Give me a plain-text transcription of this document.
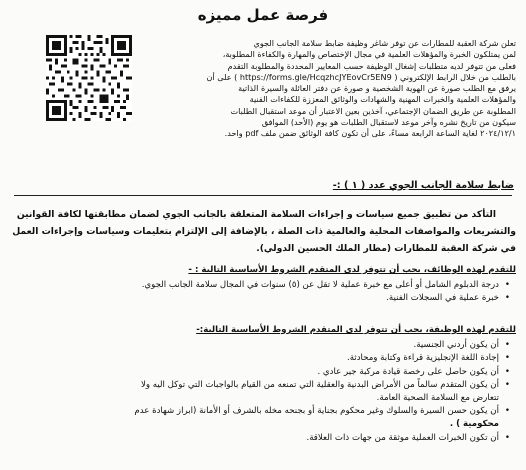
فرصة عمل مميزه

تعلن شركة العقبة للمطارات عن توفر شاغر وظيفة ضابط سلامة الجانب الجوي

لمن يمتلكون الخبرة والمؤهلات العلمية في مجال الإختصاص والمهارة والكفاءة المطلوبة،

فعلى من تتوفر لديه متطلبات إشغال الوظيفة حسب المعايير المحددة والمطلوبة التقدم

بالطلب من خلال الرابط الإلكتروني ( https://forms.gle/HcqzhcJYEovCr5EN9 ) على أن

يرفق مع الطلب صورة عن الهوية الشخصية و صورة عن دفتر العائلة والسيرة الذاتية

والمؤهلات العلمية والخبرات المهنية والشهادات والوثائق المعززة للكفاءات الفنية

المطلوبة عن طريق الضمان الإجتماعي، آخذين بعين الاعتبار أن موعد استقبال الطلبات

سيكون من تاريخ نشره وآخر موعد لاستقبال الطلبات هو يوم (الأحد) الموافق

٢٠٢٤/١٢/١ لغاية الساعة الرابعة مساءً، على أن تكون كافة الوثائق ضمن ملف pdf واحد.

ضابط سلامة الجانب الجوي عدد ( ١ ) :-

التأكد من تطبيق جميع سياسات و إجراءات السلامة المتعلقة بالجانب الجوي لضمان مطابقتها لكافة القوانين

والتشريعات والمواصفات المحلية والعالمية ذات الصلة ، بالإضافة إلى الإلتزام بتعليمات وسياسات وإجراءات العمل

في شركة العقبة للمطارات (مطار الملك الحسين الدولي).

للتقدم لهذه الوظائف، يجب أن تتوفر لدى المتقدم الشروط الأساسية التالية : -

• درجة الدبلوم الشامل أو أعلى مع خبرة عملية لا تقل عن (٥) سنوات في المجال سلامة الجانب الجوي.
• خبرة عملية في السجلات الفنية.

للتقدم لهذه الوظيفة، يجب أن تتوفر لدى المتقدم الشروط الأساسية التالية:-

• أن يكون أردني الجنسية.
• إجادة اللغة الإنجليزية قراءة وكتابة ومحادثة.
• أن يكون حاصل على رخصة قيادة مركبة جير عادي .
• أن يكون المتقدم سالماً من الأمراض البدنية والعقلية التي تمنعه من القيام بالواجبات التي توكل اليه ولا
تتعارض مع السلامة الصحية العامة.
• أن يكون حسن السيرة والسلوك وغير محكوم بجناية أو بجنحه مخله بالشرف أو الأمانة (ابراز شهادة عدم
محكومية ) .
• أن تكون الخبرات العملية موثقة من جهات ذات العلاقة.
